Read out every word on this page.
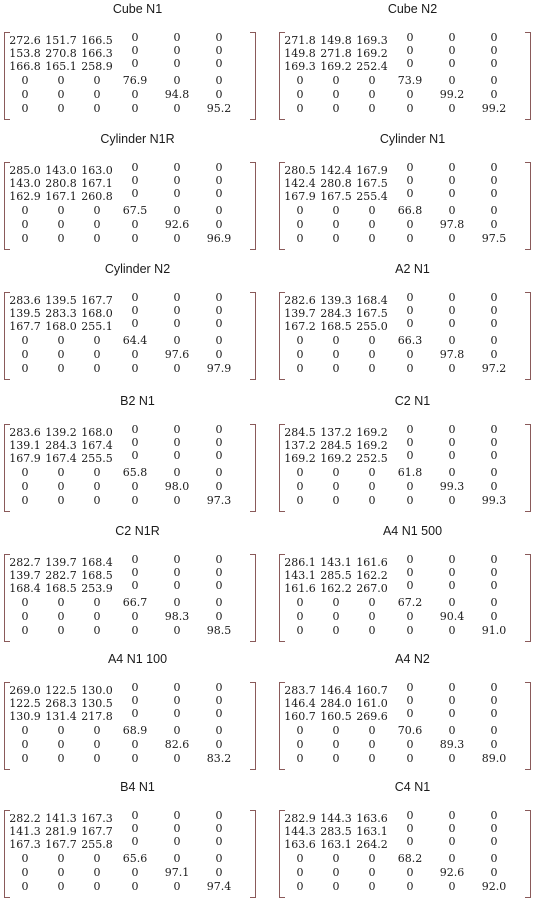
Cube N1
272.6 151.7 166.5	0	0	0
153.8 270.8 166.3	0	0	0
166.8 165.1 258.9	0	0	0
0	0	0	76.9	0	0
0	0	0	0	94.8	0
0	0	0	0	0	95.2
Cube N2
271.8 149.8 169.3	0	0	0
149.8 271.8 169.2	0	0	0
169.3 169.2 252.4	0	0	0
0	0	0	73.9	0	0
0	0	0	0	99.2	0
0	0	0	0	0	99.2
Cylinder N1R
285.0 143.0 163.0	0	0	0
143.0 280.8 167.1	0	0	0
162.9 167.1 260.8	0	0	0
0	0	0	67.5	0	0
0	0	0	0	92.6	0
0	0	0	0	0	96.9
Cylinder N1
280.5 142.4 167.9	0	0	0
142.4 280.8 167.5	0	0	0
167.9 167.5 255.4	0	0	0
0	0	0	66.8	0	0
0	0	0	0	97.8	0
0	0	0	0	0	97.5
Cylinder N2
283.6 139.5 167.7	0	0	0
139.5 283.3 168.0	0	0	0
167.7 168.0 255.1	0	0	0
0	0	0	64.4	0	0
0	0	0	0	97.6	0
0	0	0	0	0	97.9
A2 N1
282.6 139.3 168.4	0	0	0
139.7 284.3 167.5	0	0	0
167.2 168.5 255.0	0	0	0
0	0	0	66.3	0	0
0	0	0	0	97.8	0
0	0	0	0	0	97.2
B2 N1
283.6 139.2 168.0	0	0	0
139.1 284.3 167.4	0	0	0
167.9 167.4 255.5	0	0	0
0	0	0	65.8	0	0
0	0	0	0	98.0	0
0	0	0	0	0	97.3
C2 N1
284.5 137.2 169.2	0	0	0
137.2 284.5 169.2	0	0	0
169.2 169.2 252.5	0	0	0
0	0	0	61.8	0	0
0	0	0	0	99.3	0
0	0	0	0	0	99.3
C2 N1R
282.7 139.7 168.4	0	0	0
139.7 282.7 168.5	0	0	0
168.4 168.5 253.9	0	0	0
0	0	0	66.7	0	0
0	0	0	0	98.3	0
0	0	0	0	0	98.5
A4 N1 500
286.1 143.1 161.6	0	0	0
143.1 285.5 162.2	0	0	0
161.6 162.2 267.0	0	0	0
0	0	0	67.2	0	0
0	0	0	0	90.4	0
0	0	0	0	0	91.0
A4 N1 100
269.0 122.5 130.0	0	0	0
122.5 268.3 130.5	0	0	0
130.9 131.4 217.8	0	0	0
0	0	0	68.9	0	0
0	0	0	0	82.6	0
0	0	0	0	0	83.2
A4 N2
283.7 146.4 160.7	0	0	0
146.4 284.0 161.0	0	0	0
160.7 160.5 269.6	0	0	0
0	0	0	70.6	0	0
0	0	0	0	89.3	0
0	0	0	0	0	89.0
B4 N1
282.2 141.3 167.3	0	0	0
141.3 281.9 167.7	0	0	0
167.3 167.7 255.8	0	0	0
0	0	0	65.6	0	0
0	0	0	0	97.1	0
0	0	0	0	0	97.4
C4 N1
282.9 144.3 163.6	0	0	0
144.3 283.5 163.1	0	0	0
163.6 163.1 264.2	0	0	0
0	0	0	68.2	0	0
0	0	0	0	92.6	0
0	0	0	0	0	92.0
